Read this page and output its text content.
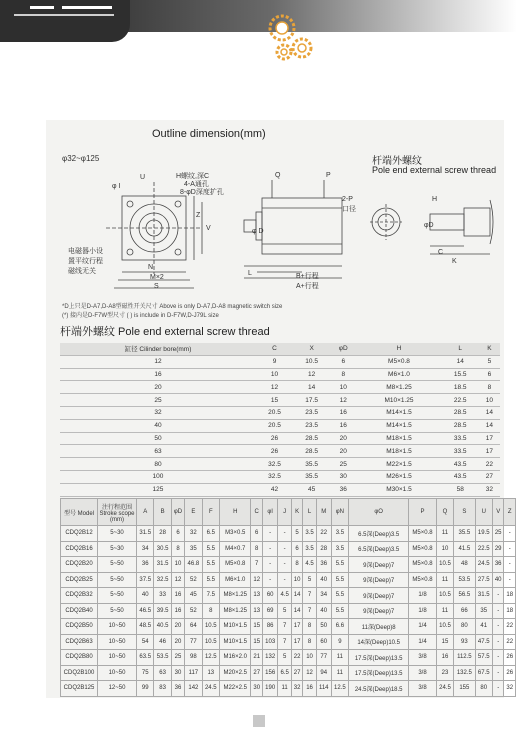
Outline dimension(mm)
φ32~φ125
H螺纹,深C
4-A通孔
8-φD深度扩孔
φ I
U	Q	P
2-P
口径
φ D
V
Z
N
M×2
S
L	B+行程
A+行程
电磁器小设
置平纹行程
磁线无关
杆端外螺纹
Pole end external screw thread
H
C
K
φD
*D上只是D-A7,D-A8型磁性开关尺寸 Above is only D-A7,D-A8 magnetic switch size
(*) 接内是D-F7W型尺寸 ( ) is include in D-F7W,D-J79L size
杆端外螺纹 Pole end external screw thread
缸径 Cilinder bore(mm)	C	X	φD	H	L	K
12	9	10.5	6	M5×0.8	14	5
16	10	12	8	M6×1.0	15.5	6
20	12	14	10	M8×1.25	18.5	8
25	15	17.5	12	M10×1.25	22.5	10
32	20.5	23.5	16	M14×1.5	28.5	14
40	20.5	23.5	16	M14×1.5	28.5	14
50	26	28.5	20	M18×1.5	33.5	17
63	26	28.5	20	M18×1.5	33.5	17
80	32.5	35.5	25	M22×1.5	43.5	22
100	32.5	35.5	30	M26×1.5	43.5	27
125	42	45	36	M30×1.5	58	32
型号 Model	注行程范围 Stroke scope (mm)	A	B	φD	E	F	H	C	φI	J	K	L	M	φN	φO	P	Q	S	U	V	Z
CDQ2B12	5~30	31.5	28	6	32	6.5	M3×0.5	6	-	-	5	3.5	22	3.5	6.5深(Deep)3.5	M5×0.8	11	35.5	19.5	25	-
CDQ2B16	5~30	34	30.5	8	35	5.5	M4×0.7	8	-	-	6	3.5	28	3.5	6.5深(Deep)3.5	M5×0.8	10	41.5	22.5	29	-
CDQ2B20	5~50	36	31.5	10	46.8	5.5	M5×0.8	7	-	-	8	4.5	36	5.5	9深(Deep)7	M5×0.8	10.5	48	24.5	36	-
CDQ2B25	5~50	37.5	32.5	12	52	5.5	M6×1.0	12	-	-	10	5	40	5.5	9深(Deep)7	M5×0.8	11	53.5	27.5	40	-
CDQ2B32	5~50	40	33	16	45	7.5	M8×1.25	13	60	4.5	14	7	34	5.5	9深(Deep)7	1/8	10.5	56.5	31.5	-	18
CDQ2B40	5~50	46.5	39.5	16	52	8	M8×1.25	13	69	5	14	7	40	5.5	9深(Deep)7	1/8	11	66	35	-	18
CDQ2B50	10~50	48.5	40.5	20	64	10.5	M10×1.5	15	86	7	17	8	50	6.6	11深(Deep)8	1/4	10.5	80	41	-	22
CDQ2B63	10~50	54	46	20	77	10.5	M10×1.5	15	103	7	17	8	60	9	14深(Deep)10.5	1/4	15	93	47.5	-	22
CDQ2B80	10~50	63.5	53.5	25	98	12.5	M16×2.0	21	132	5	22	10	77	11	17.5深(Deep)13.5	3/8	16	112.5	57.5	-	26
CDQ2B100	10~50	75	63	30	117	13	M20×2.5	27	156	6.5	27	12	94	11	17.5深(Deep)13.5	3/8	23	132.5	67.5	-	26
CDQ2B125	12~50	99	83	36	142	24.5	M22×2.5	30	190	11	32	16	114	12.5	24.5深(Deep)18.5	3/8	24.5	155	80	-	32
